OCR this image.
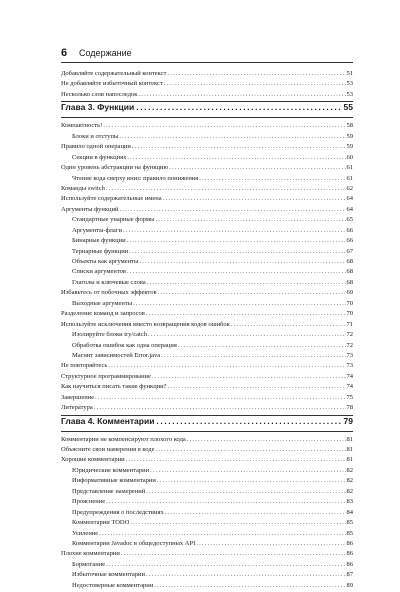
6 Содержание
Добавляйте содержательный контекст .....	51
Не добавляйте избыточный контекст .....	53
Несколько слов напоследок .....	53
Глава 3. Функции .....	55
Компактность! .....	58
Блоки и отступы .....	59
Правило одной операции .....	59
Секции в функциях .....	60
Один уровень абстракции на функцию .....	61
Чтение кода сверху вниз: правило понижения .....	61
Команды switch .....	62
Используйте содержательные имена .....	64
Аргументы функций .....	64
Стандартные унарные формы .....	65
Аргументы-флаги .....	66
Бинарные функции .....	66
Тернарные функции .....	67
Объекты как аргументы .....	68
Списки аргументов .....	68
Глаголы и ключевые слова .....	68
Избавьтесь от побочных эффектов .....	69
Выходные аргументы .....	70
Разделение команд и запросов .....	70
Используйте исключения вместо возвращения кодов ошибок .....	71
Изолируйте блоки try/catch .....	72
Обработка ошибок как одна операция .....	72
Магнит зависимостей Error.java .....	73
Не повторяйтесь .....	73
Структурное программирование .....	74
Как научиться писать такие функции? .....	74
Завершение .....	75
Литература .....	78
Глава 4. Комментарии .....	79
Комментарии не компенсируют плохого кода .....	81
Объясните свои намерения в коде .....	81
Хорошие комментарии .....	81
Юридические комментарии .....	82
Информативные комментарии .....	82
Представление намерений .....	82
Прояснение .....	83
Предупреждения о последствиях .....	84
Комментарии TODO .....	85
Усиление .....	85
Комментарии Javadoc в общедоступных API .....	86
Плохие комментарии .....	86
Бормотание .....	86
Избыточные комментарии .....	87
Недостоверные комментарии .....	89
